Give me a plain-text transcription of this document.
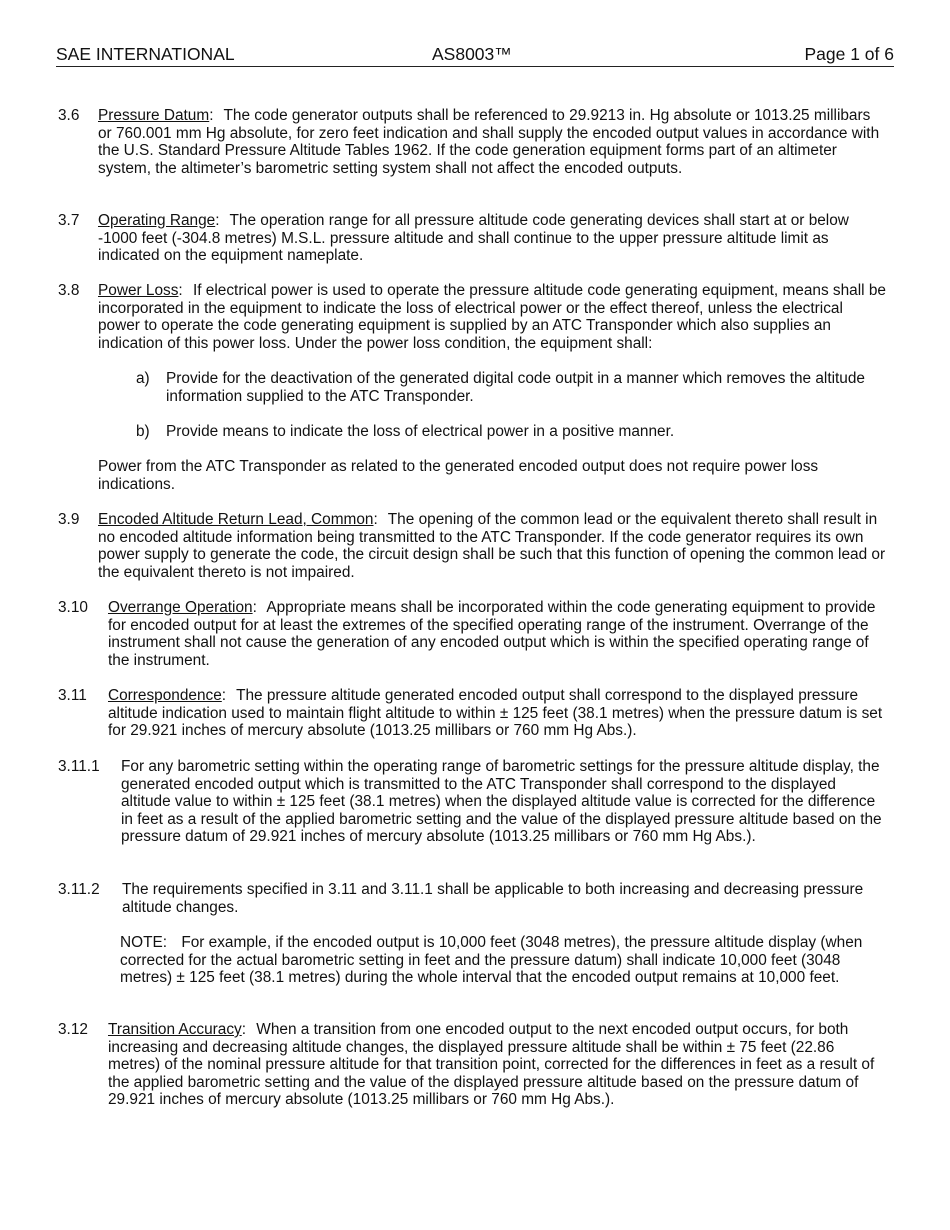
SAE INTERNATIONAL	AS8003™	Page 1 of 6
3.6 Pressure Datum: The code generator outputs shall be referenced to 29.9213 in. Hg absolute or 1013.25 millibars or 760.001 mm Hg absolute, for zero feet indication and shall supply the encoded output values in accordance with the U.S. Standard Pressure Altitude Tables 1962. If the code generation equipment forms part of an altimeter system, the altimeter’s barometric setting system shall not affect the encoded outputs.
3.7 Operating Range: The operation range for all pressure altitude code generating devices shall start at or below -1000 feet (-304.8 metres) M.S.L. pressure altitude and shall continue to the upper pressure altitude limit as indicated on the equipment nameplate.
3.8 Power Loss: If electrical power is used to operate the pressure altitude code generating equipment, means shall be incorporated in the equipment to indicate the loss of electrical power or the effect thereof, unless the electrical power to operate the code generating equipment is supplied by an ATC Transponder which also supplies an indication of this power loss. Under the power loss condition, the equipment shall:
a) Provide for the deactivation of the generated digital code outpit in a manner which removes the altitude information supplied to the ATC Transponder.
b) Provide means to indicate the loss of electrical power in a positive manner.
Power from the ATC Transponder as related to the generated encoded output does not require power loss indications.
3.9 Encoded Altitude Return Lead, Common: The opening of the common lead or the equivalent thereto shall result in no encoded altitude information being transmitted to the ATC Transponder. If the code generator requires its own power supply to generate the code, the circuit design shall be such that this function of opening the common lead or the equivalent thereto is not impaired.
3.10 Overrange Operation: Appropriate means shall be incorporated within the code generating equipment to provide for encoded output for at least the extremes of the specified operating range of the instrument. Overrange of the instrument shall not cause the generation of any encoded output which is within the specified operating range of the instrument.
3.11 Correspondence: The pressure altitude generated encoded output shall correspond to the displayed pressure altitude indication used to maintain flight altitude to within ± 125 feet (38.1 metres) when the pressure datum is set for 29.921 inches of mercury absolute (1013.25 millibars or 760 mm Hg Abs.).
3.11.1 For any barometric setting within the operating range of barometric settings for the pressure altitude display, the generated encoded output which is transmitted to the ATC Transponder shall correspond to the displayed altitude value to within ± 125 feet (38.1 metres) when the displayed altitude value is corrected for the difference in feet as a result of the applied barometric setting and the value of the displayed pressure altitude based on the pressure datum of 29.921 inches of mercury absolute (1013.25 millibars or 760 mm Hg Abs.).
3.11.2 The requirements specified in 3.11 and 3.11.1 shall be applicable to both increasing and decreasing pressure altitude changes.
NOTE: For example, if the encoded output is 10,000 feet (3048 metres), the pressure altitude display (when corrected for the actual barometric setting in feet and the pressure datum) shall indicate 10,000 feet (3048 metres) ± 125 feet (38.1 metres) during the whole interval that the encoded output remains at 10,000 feet.
3.12 Transition Accuracy: When a transition from one encoded output to the next encoded output occurs, for both increasing and decreasing altitude changes, the displayed pressure altitude shall be within ± 75 feet (22.86 metres) of the nominal pressure altitude for that transition point, corrected for the differences in feet as a result of the applied barometric setting and the value of the displayed pressure altitude based on the pressure datum of 29.921 inches of mercury absolute (1013.25 millibars or 760 mm Hg Abs.).
